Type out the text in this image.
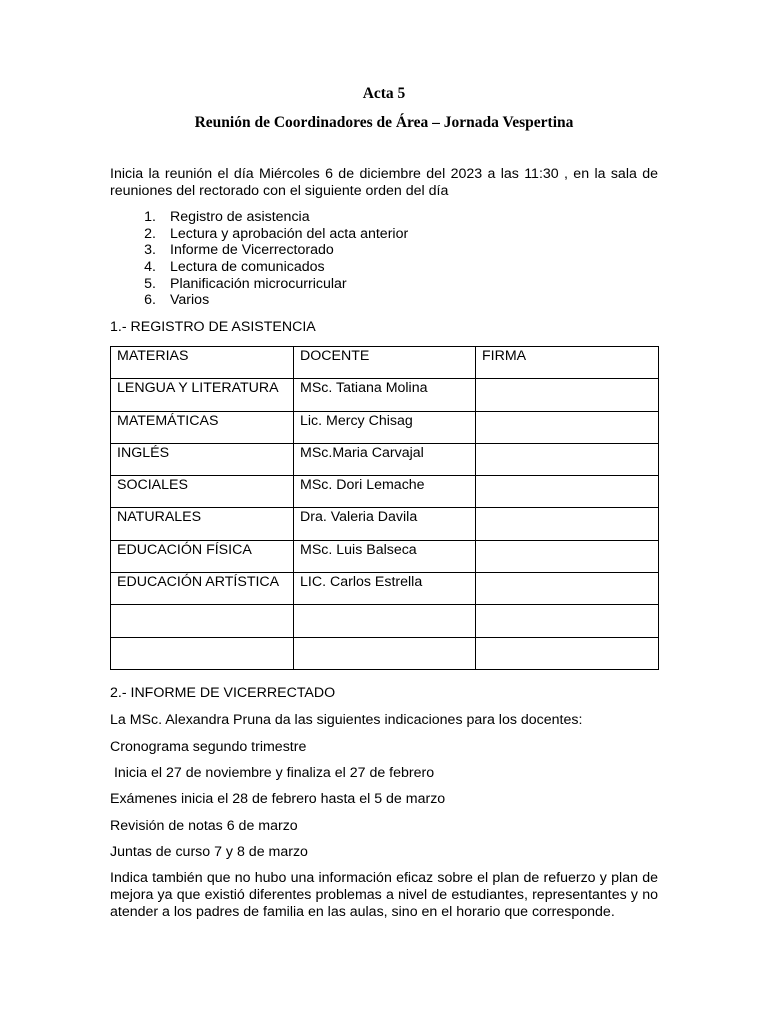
Acta 5
Reunión de Coordinadores de Área – Jornada Vespertina

Inicia la reunión el día Miércoles 6 de diciembre del 2023 a las 11:30 , en la sala de reuniones del rectorado con el siguiente orden del día

1. Registro de asistencia
2. Lectura y aprobación del acta anterior
3. Informe de Vicerrectorado
4. Lectura de comunicados
5. Planificación microcurricular
6. Varios

1.- REGISTRO DE ASISTENCIA

MATERIAS	DOCENTE	FIRMA
LENGUA Y LITERATURA	MSc. Tatiana Molina	
MATEMÁTICAS	Lic. Mercy Chisag	
INGLÉS	MSc.Maria Carvajal	
SOCIALES	MSc. Dori Lemache	
NATURALES	Dra. Valeria Davila	
EDUCACIÓN FÍSICA	MSc. Luis Balseca	
EDUCACIÓN ARTÍSTICA	LIC. Carlos Estrella	

2.- INFORME DE VICERRECTADO

La MSc. Alexandra Pruna da las siguientes indicaciones para los docentes:

Cronograma segundo trimestre

Inicia el 27 de noviembre y finaliza el 27 de febrero

Exámenes inicia el 28 de febrero hasta el 5 de marzo

Revisión de notas 6 de marzo

Juntas de curso 7 y 8 de marzo

Indica también que no hubo una información eficaz sobre el plan de refuerzo y plan de mejora ya que existió diferentes problemas a nivel de estudiantes, representantes y no atender a los padres de familia en las aulas, sino en el horario que corresponde.
